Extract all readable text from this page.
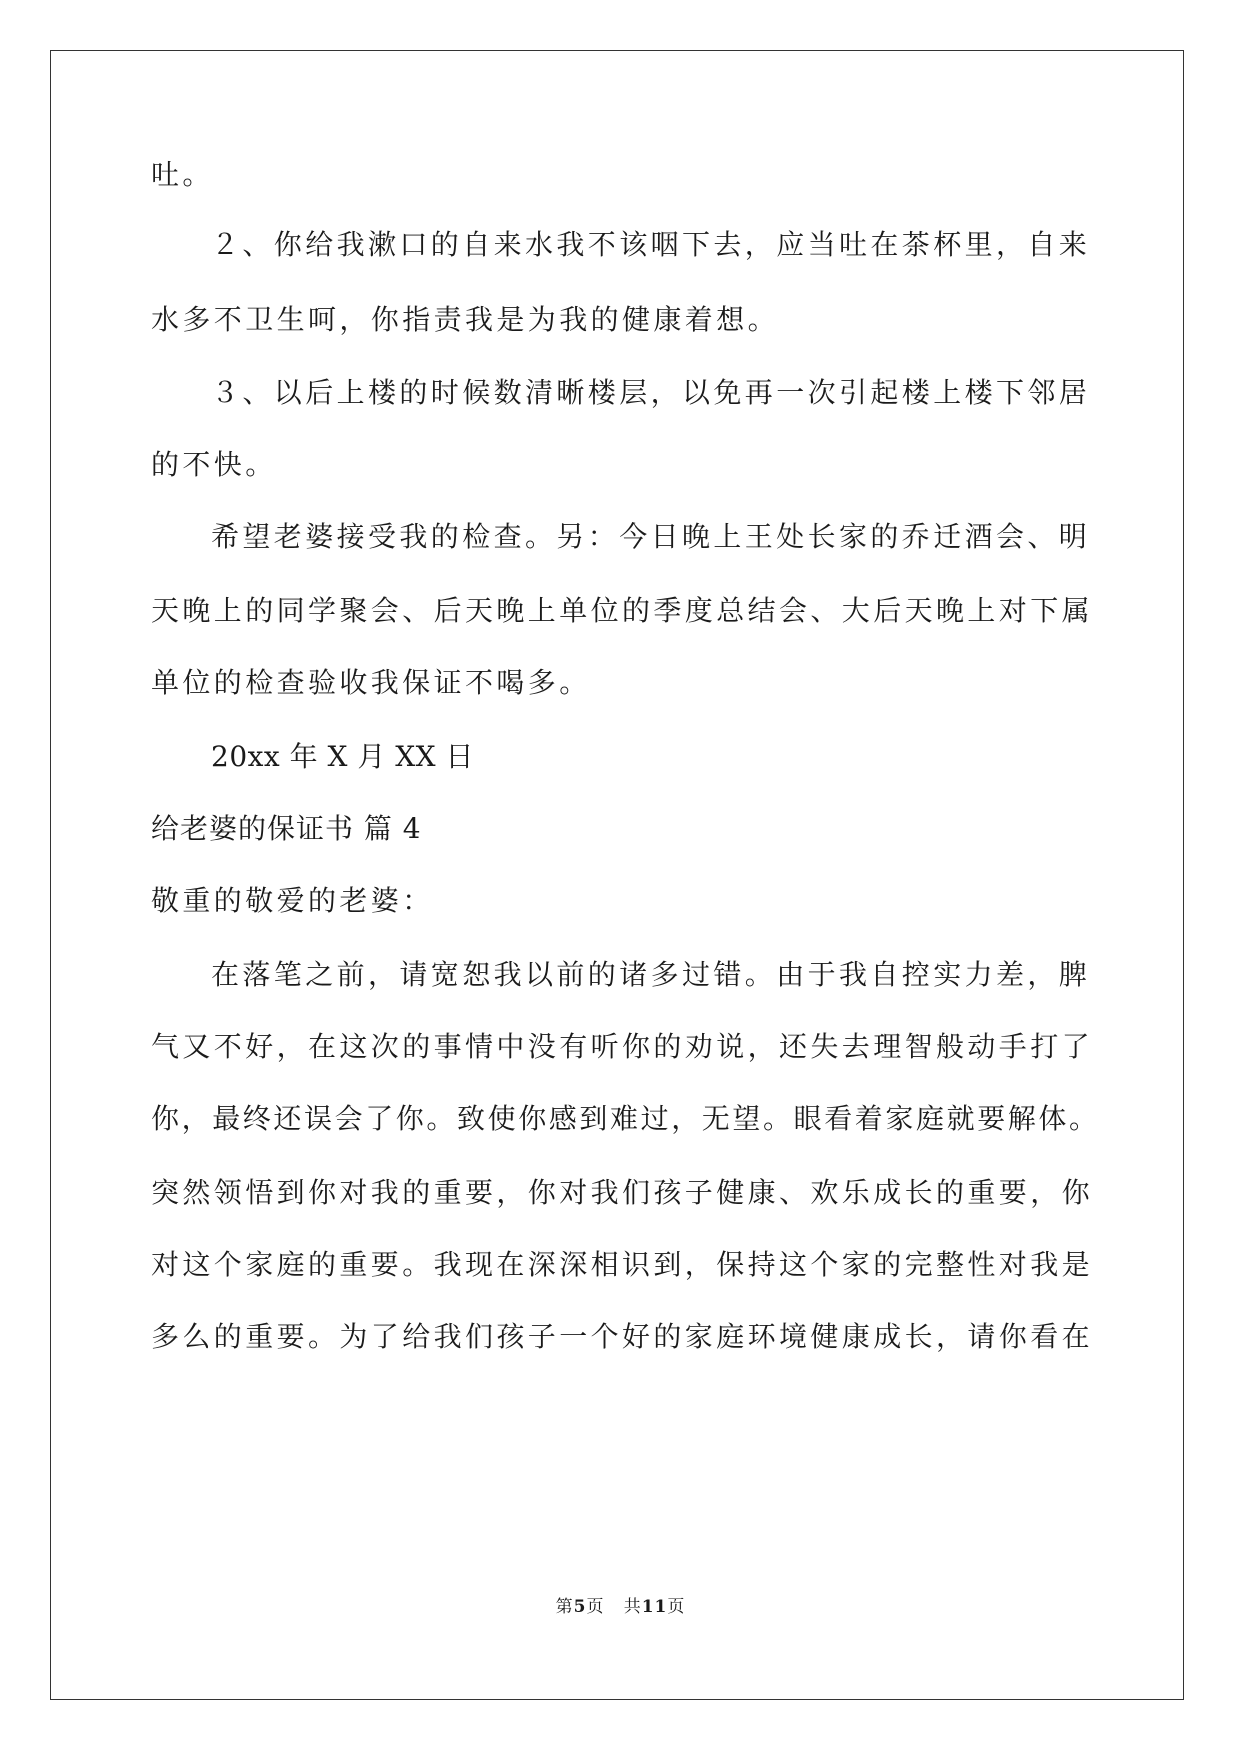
吐。
２、你给我漱口的自来水我不该咽下去，应当吐在茶杯里，自来
水多不卫生呵，你指责我是为我的健康着想。
３、以后上楼的时候数清晰楼层，以免再一次引起楼上楼下邻居
的不快。
希望老婆接受我的检查。另：今日晚上王处长家的乔迁酒会、明
天晚上的同学聚会、后天晚上单位的季度总结会、大后天晚上对下属
单位的检查验收我保证不喝多。
20xx 年 X 月 XX 日
给老婆的保证书 篇 4
敬重的敬爱的老婆：
在落笔之前，请宽恕我以前的诸多过错。由于我自控实力差，脾
气又不好，在这次的事情中没有听你的劝说，还失去理智般动手打了
你，最终还误会了你。致使你感到难过，无望。眼看着家庭就要解体。
突然领悟到你对我的重要，你对我们孩子健康、欢乐成长的重要，你
对这个家庭的重要。我现在深深相识到，保持这个家的完整性对我是
多么的重要。为了给我们孩子一个好的家庭环境健康成长，请你看在
第5页 共11页
